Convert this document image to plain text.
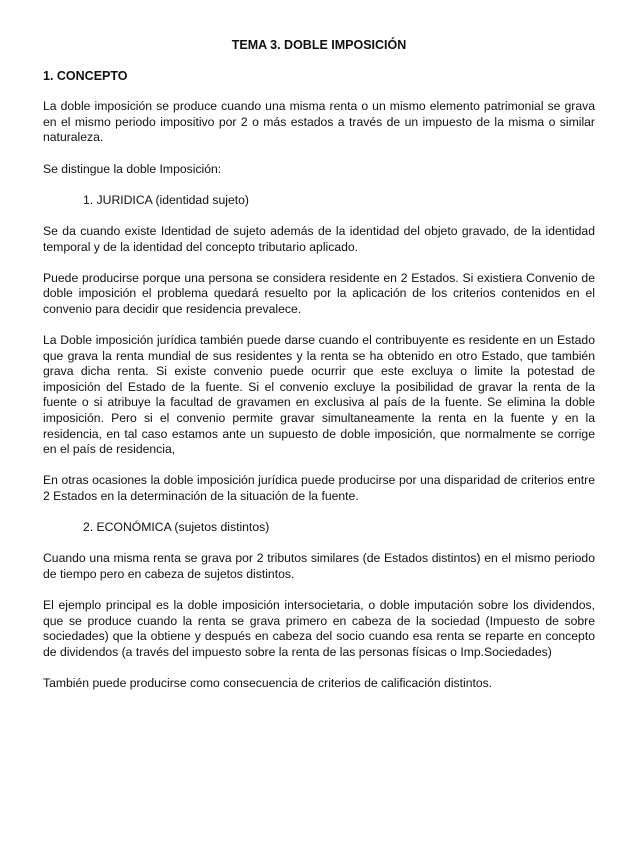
TEMA 3. DOBLE IMPOSICIÓN
1. CONCEPTO
La doble imposición se produce cuando una misma renta o un mismo elemento patrimonial se grava en el mismo periodo impositivo por 2 o más estados a través de un impuesto de la misma o similar naturaleza.
Se distingue la doble Imposición:
1. JURIDICA (identidad sujeto)
Se da cuando existe Identidad de sujeto además de la identidad del objeto gravado, de la identidad temporal y de la identidad del concepto tributario aplicado.
Puede producirse porque una persona se considera residente en 2 Estados. Si existiera Convenio de doble imposición el problema quedará resuelto por la aplicación de los criterios contenidos en el convenio para decidir que residencia prevalece.
La Doble imposición jurídica también puede darse cuando el contribuyente es residente en un Estado que grava la renta mundial de sus residentes y la renta se ha obtenido en otro Estado, que también grava dicha renta. Si existe convenio puede ocurrir que este excluya o limite la potestad de imposición del Estado de la fuente. Si el convenio excluye la posibilidad de gravar la renta de la fuente o si atribuye la facultad de gravamen en exclusiva al país de la fuente. Se elimina la doble imposición. Pero si el convenio permite gravar simultaneamente la renta en la fuente y en la residencia, en tal caso estamos ante un supuesto de doble imposición, que normalmente se corrige en el país de residencia,
En otras ocasiones la doble imposición jurídica puede producirse por una disparidad de criterios entre 2 Estados en la determinación de la situación de la fuente.
2. ECONÓMICA (sujetos distintos)
Cuando una misma renta se grava por 2 tributos similares (de Estados distintos) en el mismo periodo de tiempo pero en cabeza de sujetos distintos.
El ejemplo principal es la doble imposición intersocietaria, o doble imputación sobre los dividendos, que se produce cuando la renta se grava primero en cabeza de la sociedad (Impuesto de sobre sociedades) que la obtiene y después en cabeza del socio cuando esa renta se reparte en concepto de dividendos (a través del impuesto sobre la renta de las personas físicas o Imp.Sociedades)
También puede producirse como consecuencia de criterios de calificación distintos.
